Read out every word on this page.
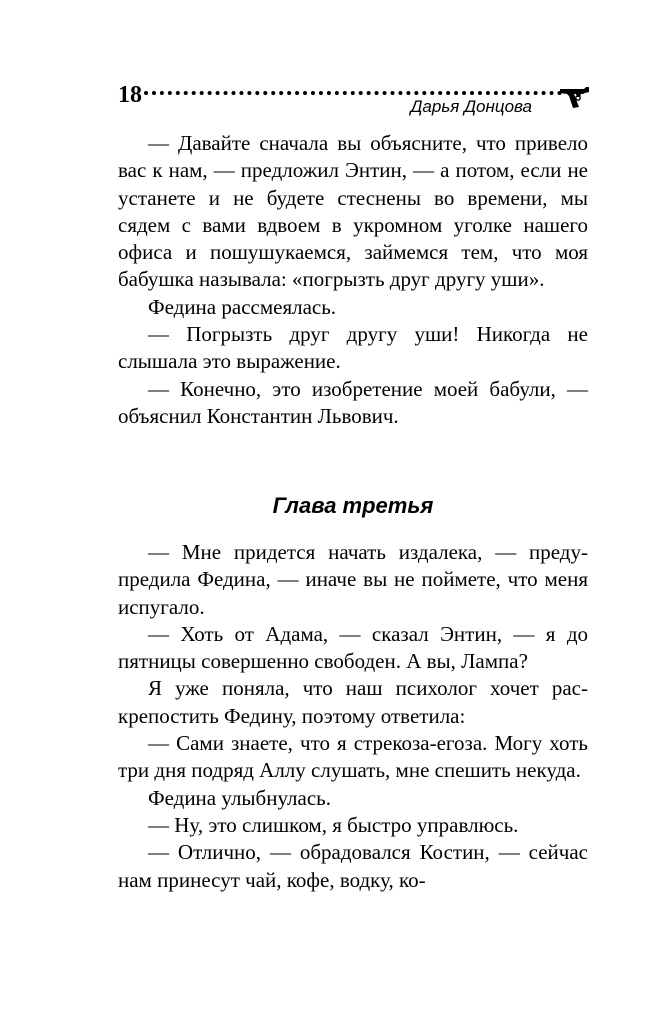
18	Дарья Донцова

— Давайте сначала вы объясните, что привело вас к нам, — предложил Энтин, — а потом, если не устанете и не будете стеснены во времени, мы сядем с вами вдвоем в укромном уголке нашего офиса и пошушукаемся, займемся тем, что моя бабушка называла: «погрызть друг другу уши».

Федина рассмеялась.

— Погрызть друг другу уши! Никогда не слышала это выражение.

— Конечно, это изобретение моей бабули, — объяснил Константин Львович.

Глава третья

— Мне придется начать издалека, — предупредила Федина, — иначе вы не поймете, что меня испугало.

— Хоть от Адама, — сказал Энтин, — я до пятницы совершенно свободен. А вы, Лампа?

Я уже поняла, что наш психолог хочет раскрепостить Федину, поэтому ответила:

— Сами знаете, что я стрекоза-егоза. Могу хоть три дня подряд Аллу слушать, мне спешить некуда.

Федина улыбнулась.

— Ну, это слишком, я быстро управлюсь.

— Отлично, — обрадовался Костин, — сейчас нам принесут чай, кофе, водку, ко-
